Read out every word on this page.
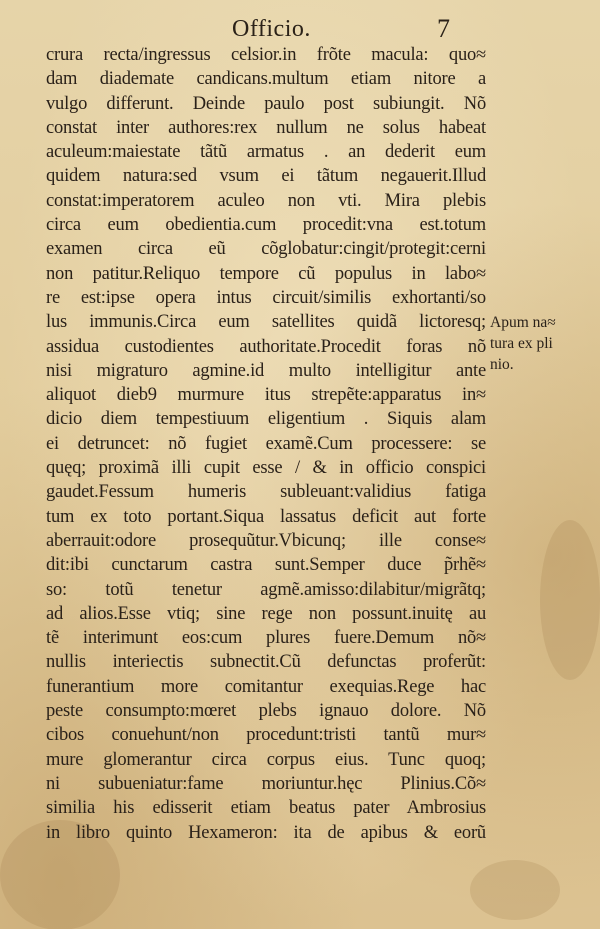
Officio.	7
crura recta/ingressus celsior.in frõte macula: quo≈
dam diademate candicans.multum etiam nitore a
vulgo differunt. Deinde paulo post subiungit. Nõ
constat inter authores:rex nullum ne solus habeat
aculeum:maiestate tãtũ armatus . an dederit eum
quidem natura:sed vsum ei tãtum negauerit.Illud
constat:imperatorem aculeo non vti. Mira plebis
circa eum obedientia.cum procedit:vna est.totum
examen circa eũ cõglobatur:cingit/protegit:cerni
non patitur.Reliquo tempore cũ populus in labo≈
re est:ipse opera intus circuit/similis exhortanti/so
lus immunis.Circa eum satellites quidã lictoresq;
assidua custodientes authoritate.Procedit foras nõ
nisi migraturo agmine.id multo intelligitur ante
aliquot dieb9 murmure itus strepẽte:apparatus in≈
dicio diem tempestiuum eligentium . Siquis alam
ei detruncet: nõ fugiet examẽ.Cum processere: se
quęq; proximã illi cupit esse / & in officio conspici
gaudet.Fessum humeris subleuant:validius fatiga
tum ex toto portant.Siqua lassatus deficit aut forte
aberrauit:odore prosequũtur.Vbicunq; ille conse≈
dit:ibi cunctarum castra sunt.Semper duce p̃rhẽ≈
so: totũ tenetur agmẽ.amisso:dilabitur/migrãtq;
ad alios.Esse vtiq; sine rege non possunt.inuitę au
tẽ interimunt eos:cum plures fuere.Demum nõ≈
nullis interiectis subnectit.Cũ defunctas proferũt:
funerantium more comitantur exequias.Rege hac
peste consumpto:mœret plebs ignauo dolore. Nõ
cibos conuehunt/non procedunt:tristi tantũ mur≈
mure glomerantur circa corpus eius. Tunc quoq;
ni subueniatur:fame moriuntur.hęc Plinius.Cõ≈
similia his edisserit etiam beatus pater Ambrosius
in libro quinto Hexameron: ita de apibus & eorũ
Apum na≈
tura ex pli
nio.
